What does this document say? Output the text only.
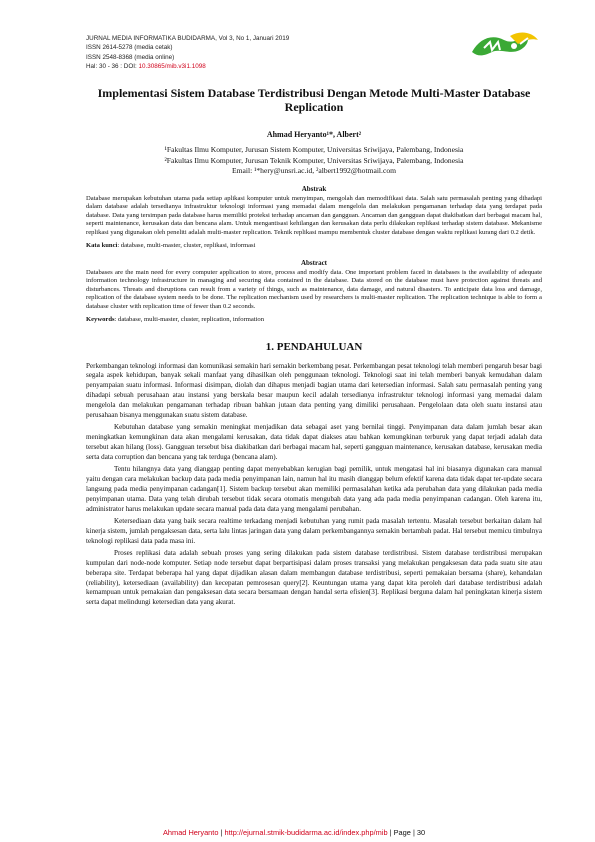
JURNAL MEDIA INFORMATIKA BUDIDARMA, Vol 3, No 1, Januari 2019
ISSN 2614-5278 (media cetak)
ISSN 2548-8368 (media online)
Hal: 30 - 36 : DOI: 10.30865/mib.v3i1.1098
Implementasi Sistem Database Terdistribusi Dengan Metode Multi-Master Database Replication
Ahmad Heryanto¹*, Albert²
¹Fakultas Ilmu Komputer, Jurusan Sistem Komputer, Universitas Sriwijaya, Palembang, Indonesia
²Fakultas Ilmu Komputer, Jurusan Teknik Komputer, Universitas Sriwijaya, Palembang, Indonesia
Email: ¹*hery@unsri.ac.id, ²albert1992@hotmail.com
Abstrak
Database merupakan kebutuhan utama pada setiap aplikasi komputer untuk menyimpan, mengolah dan memodifikasi data. Salah satu permasalah penting yang dihadapi dalam database adalah tersedianya infrastruktur teknologi informasi yang memadai dalam mengelola dan melakukan pengamanan terhadap data yang terdapat pada database. Data yang tersimpan pada database harus memiliki proteksi terhadap ancaman dan gangguan. Ancaman dan gangguan dapat diakibatkan dari berbagai macam hal, seperti maintenance, kerusakan data dan bencana alam. Untuk mengantisasi kehilangan dan kerusakan data perlu dilakukan replikasi terhadap sistem database. Mekanisme replikasi yang digunakan oleh peneliti adalah multi-master replication. Teknik replikasi mampu membentuk cluster database dengan waktu replikasi kurang dari 0.2 detik.
Kata kunci: database, multi-master, cluster, replikasi, informasi
Abstract
Databases are the main need for every computer application to store, process and modify data. One important problem faced in databases is the availability of adequate information technology infrastructure in managing and securing data contained in the database. Data stored on the database must have protection against threats and disturbances. Threats and disruptions can result from a variety of things, such as maintenance, data damage, and natural disasters. To anticipate data loss and damage, replication of the database system needs to be done. The replication mechanism used by researchers is multi-master replication. The replication technique is able to form a database cluster with replication time of fewer than 0.2 seconds.
Keywords: database, multi-master, cluster, replication, information
1. PENDAHULUAN

Perkembangan teknologi informasi dan komunikasi semakin hari semakin berkembang pesat. Perkembangan pesat teknologi telah memberi pengaruh besar bagi segala aspek kehidupan, banyak sekali manfaat yang dihasilkan oleh penggunaan teknologi. Teknologi saat ini telah memberi banyak kemudahan dalam penyampaian suatu informasi. Informasi disimpan, diolah dan dihapus menjadi bagian utama dari ketersedian informasi. Salah satu permasalah penting yang dihadapi sebuah perusahaan atau instansi yang berskala besar maupun kecil adalah tersedianya infrastruktur teknologi informasi yang memadai dalam mengelola dan melakukan pengamanan terhadap ribuan bahkan jutaan data penting yang dimiliki perusahaan. Pengelolaan data oleh suatu instansi atau perusahaan bisanya menggunakan suatu sistem database.

Kebutuhan database yang semakin meningkat menjadikan data sebagai aset yang bernilai tinggi. Penyimpanan data dalam jumlah besar akan meningkatkan kemungkinan data akan mengalami kerusakan, data tidak dapat diakses atau bahkan kemungkinan terburuk yang dapat terjadi adalah data tersebut akan hilang (loss). Gangguan tersebut bisa diakibatkan dari berbagai macam hal, seperti gangguan maintenance, kerusakan database, kerusakan media serta data corruption dan bencana yang tak terduga (bencana alam).

Tentu hilangnya data yang dianggap penting dapat menyebabkan kerugian bagi pemilik, untuk mengatasi hal ini biasanya digunakan cara manual yaitu dengan cara melakukan backup data pada media penyimpanan lain, namun hal itu masih dianggap belum efektif karena data tidak dapat ter-update secara langsung pada media penyimpanan cadangan[1]. Sistem backup tersebut akan memiliki permasalahan ketika ada perubahan data yang dilakukan pada media penyimpanan utama. Data yang telah dirubah tersebut tidak secara otomatis mengubah data yang ada pada media penyimpanan cadangan. Oleh karena itu, administrator harus melakukan update secara manual pada data data yang mengalami perubahan.

Ketersediaan data yang baik secara realtime terkadang menjadi kebutuhan yang rumit pada masalah tertentu. Masalah tersebut berkaitan dalam hal kinerja sistem, jumlah pengaksesan data, serta lalu lintas jaringan data yang dalam perkembangannya semakin bertambah padat. Hal tersebut memicu timbulnya teknologi replikasi data pada masa ini.

Proses replikasi data adalah sebuah proses yang sering dilakukan pada sistem database terdistribusi. Sistem database terdistribusi merupakan kumpulan dari node-node komputer. Setiap node tersebut dapat berpartisipasi dalam proses transaksi yang melakukan pengaksesan data pada suatu site atau beberapa site. Terdapat beberapa hal yang dapat dijadikan alasan dalam membangun database terdistribusi, seperti pemakaian bersama (share), kehandalan (reliability), ketersediaan (availability) dan kecepatan pemrosesan query[2]. Keuntungan utama yang dapat kita peroleh dari database terdistribusi adalah kemampuan untuk pemakaian dan pengaksesan data secara bersamaan dengan handal serta efisien[3]. Replikasi berguna dalam hal peningkatan kinerja sistem serta dapat melindungi ketersedian data yang akurat.

Ahmad Heryanto | http://ejurnal.stmik-budidarma.ac.id/index.php/mib | Page | 30
